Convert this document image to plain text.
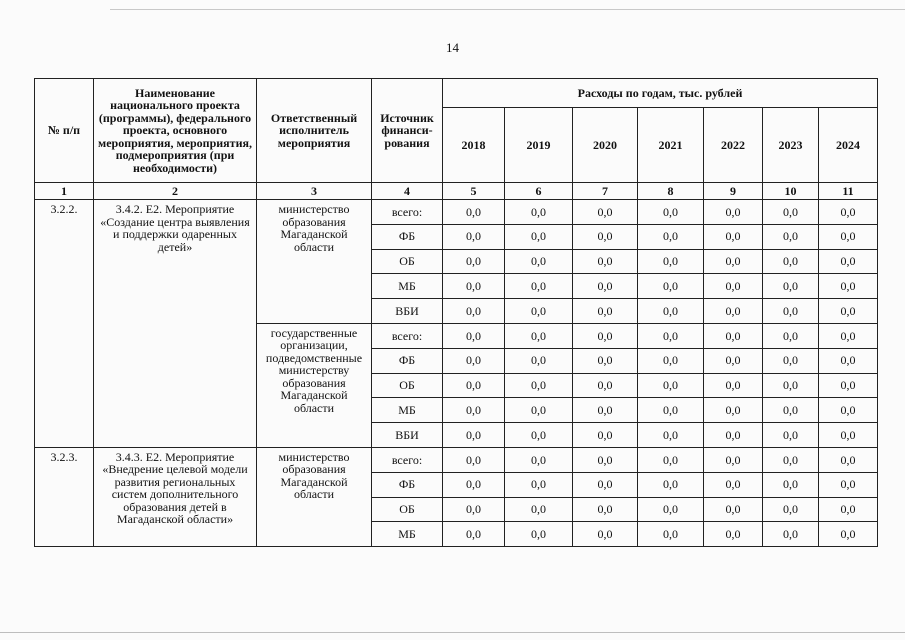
14
№ п/п	Наименование национального проекта (программы), федерального проекта, основного мероприятия, мероприятия, подмероприятия (при необходимости)	Ответственный исполнитель мероприятия	Источник финанси-рования	Расходы по годам, тыс. рублей						
				2018	2019	2020	2021	2022	2023	2024
1	2	3	4	5	6	7	8	9	10	11
3.2.2.	3.4.2. Е2. Мероприятие «Создание центра выявления и поддержки одаренных детей»	министерство образования Магаданской области	всего:	0,0	0,0	0,0	0,0	0,0	0,0	0,0
			ФБ	0,0	0,0	0,0	0,0	0,0	0,0	0,0
			ОБ	0,0	0,0	0,0	0,0	0,0	0,0	0,0
			МБ	0,0	0,0	0,0	0,0	0,0	0,0	0,0
			ВБИ	0,0	0,0	0,0	0,0	0,0	0,0	0,0
		государственные организации, подведомственные министерству образования Магаданской области	всего:	0,0	0,0	0,0	0,0	0,0	0,0	0,0
			ФБ	0,0	0,0	0,0	0,0	0,0	0,0	0,0
			ОБ	0,0	0,0	0,0	0,0	0,0	0,0	0,0
			МБ	0,0	0,0	0,0	0,0	0,0	0,0	0,0
			ВБИ	0,0	0,0	0,0	0,0	0,0	0,0	0,0
3.2.3.	3.4.3. Е2. Мероприятие «Внедрение целевой модели развития региональных систем дополнительного образования детей в Магаданской области»	министерство образования Магаданской области	всего:	0,0	0,0	0,0	0,0	0,0	0,0	0,0
			ФБ	0,0	0,0	0,0	0,0	0,0	0,0	0,0
			ОБ	0,0	0,0	0,0	0,0	0,0	0,0	0,0
			МБ	0,0	0,0	0,0	0,0	0,0	0,0	0,0
